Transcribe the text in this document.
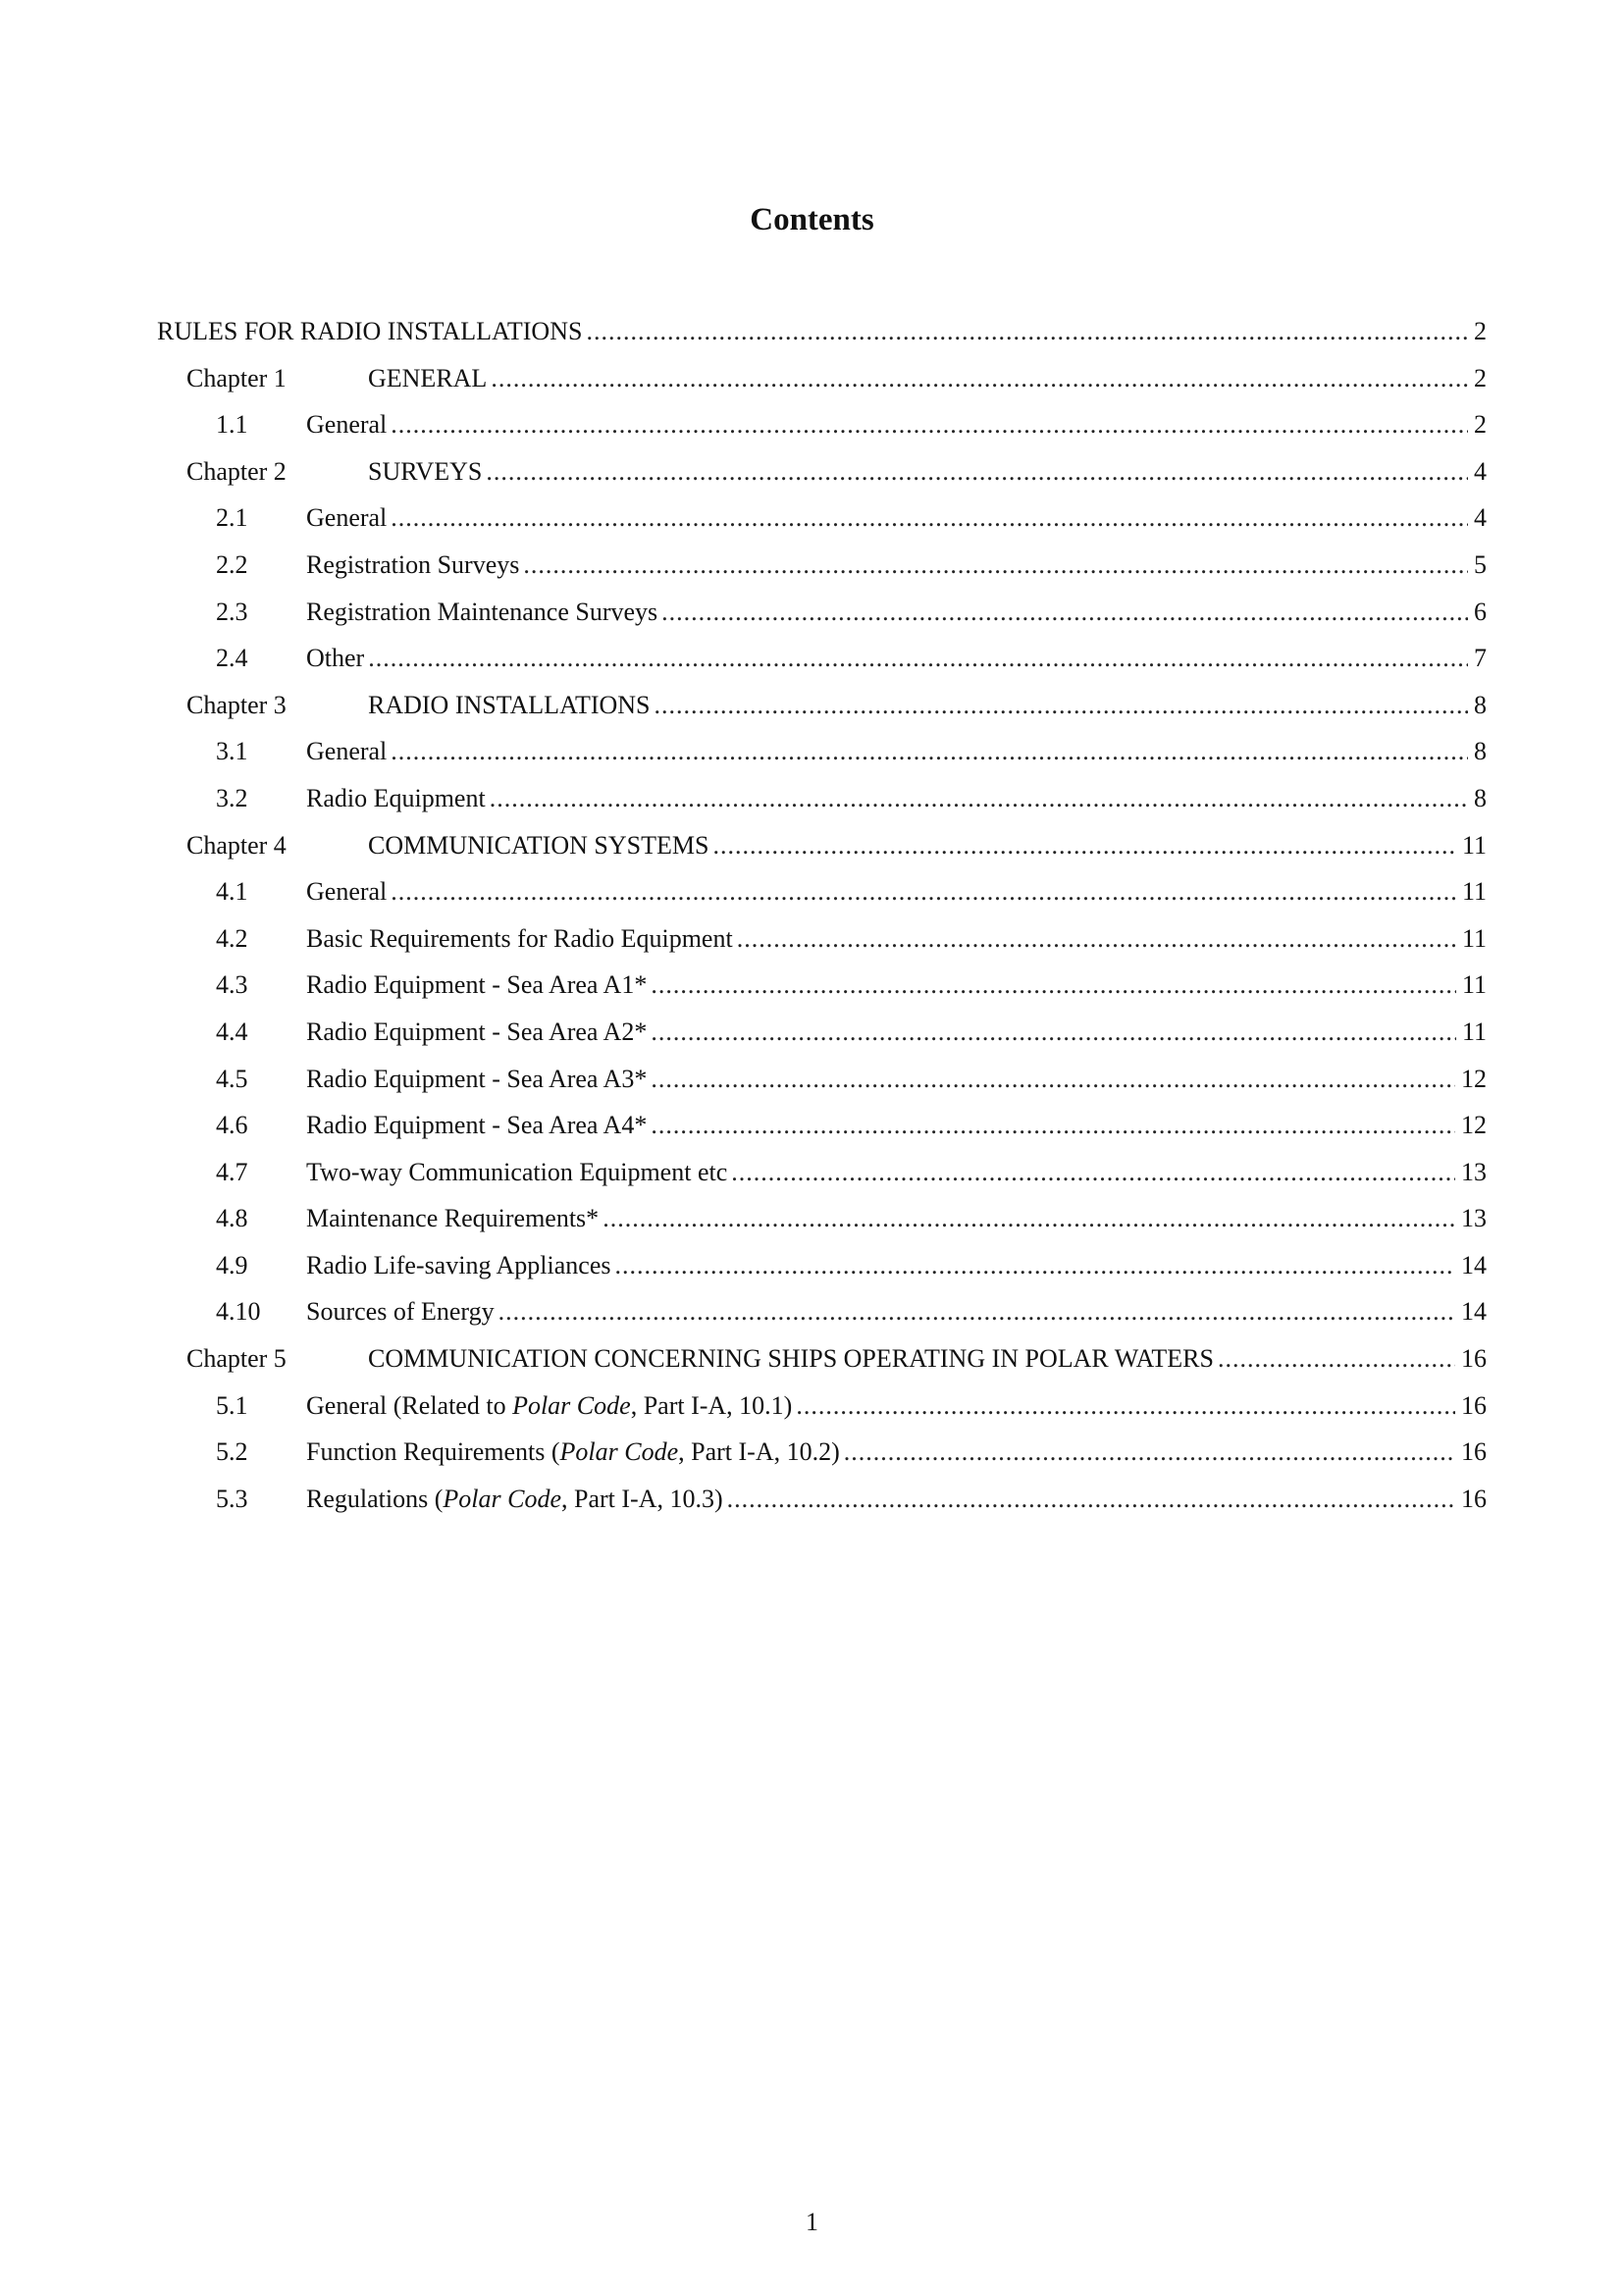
Contents
RULES FOR RADIO INSTALLATIONS .....	2
Chapter 1	GENERAL .....	2
1.1	General .....	2
Chapter 2	SURVEYS .....	4
2.1	General .....	4
2.2	Registration Surveys .....	5
2.3	Registration Maintenance Surveys .....	6
2.4	Other .....	7
Chapter 3	RADIO INSTALLATIONS .....	8
3.1	General .....	8
3.2	Radio Equipment .....	8
Chapter 4	COMMUNICATION SYSTEMS .....	11
4.1	General .....	11
4.2	Basic Requirements for Radio Equipment .....	11
4.3	Radio Equipment - Sea Area A1* .....	11
4.4	Radio Equipment - Sea Area A2* .....	11
4.5	Radio Equipment - Sea Area A3* .....	12
4.6	Radio Equipment - Sea Area A4* .....	12
4.7	Two-way Communication Equipment etc .....	13
4.8	Maintenance Requirements* .....	13
4.9	Radio Life-saving Appliances .....	14
4.10	Sources of Energy .....	14
Chapter 5	COMMUNICATION CONCERNING SHIPS OPERATING IN POLAR WATERS .....	16
5.1	General (Related to Polar Code, Part I-A, 10.1) .....	16
5.2	Function Requirements (Polar Code, Part I-A, 10.2) .....	16
5.3	Regulations (Polar Code, Part I-A, 10.3) .....	16
1
